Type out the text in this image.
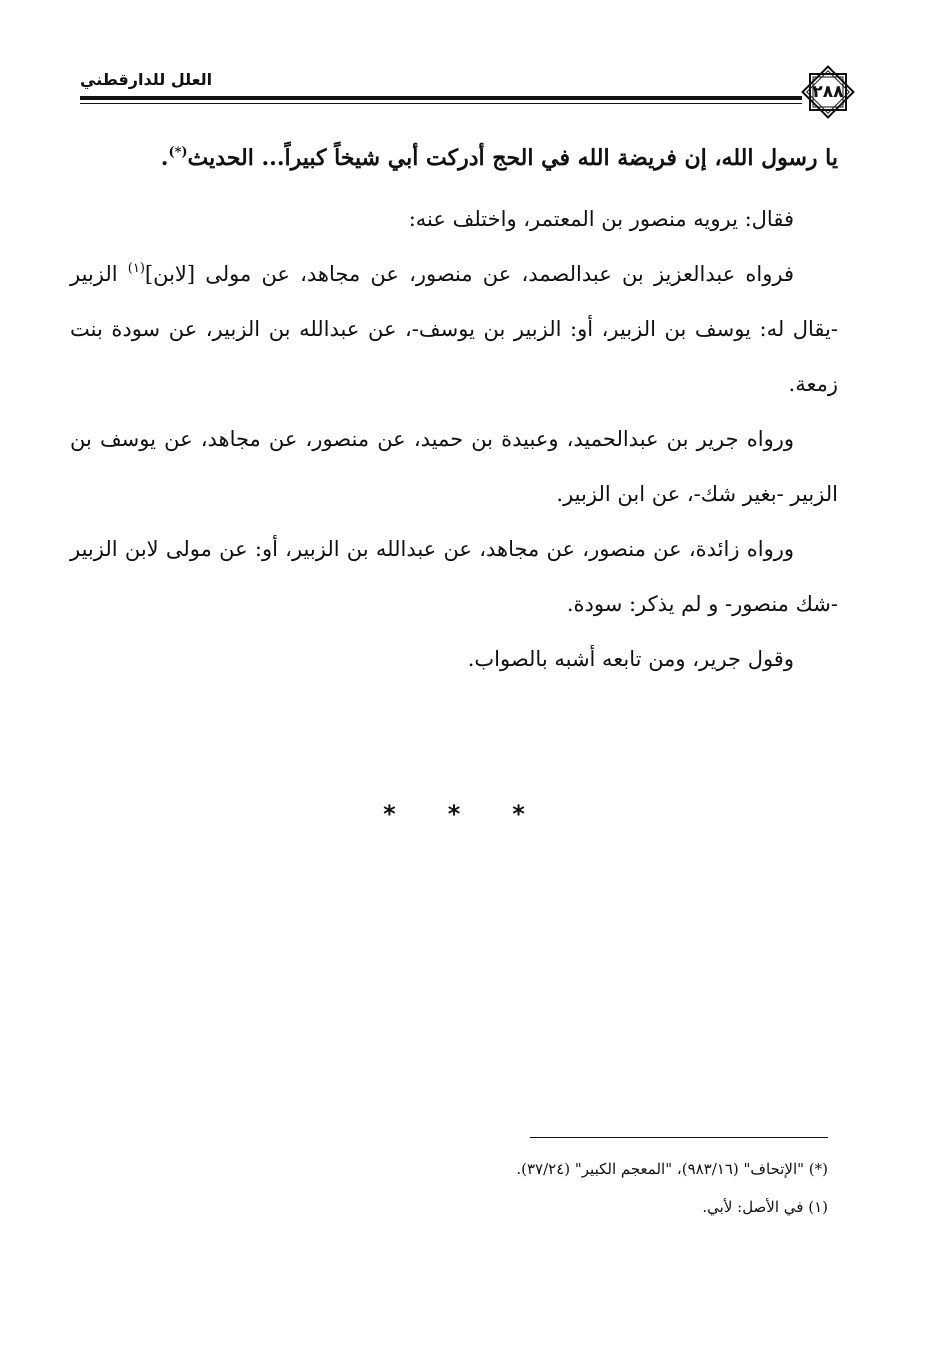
٢٨٨
العلل للدارقطني

يا رسول الله، إن فريضة الله في الحج أدركت أبي شيخاً كبيراً... الحديث(*).

فقال: يرويه منصور بن المعتمر، واختلف عنه:

فرواه عبدالعزيز بن عبدالصمد، عن منصور، عن مجاهد، عن مولى [لابن]$^{(١)}$ الزبير -يقال له: يوسف بن الزبير، أو: الزبير بن يوسف-، عن عبدالله بن الزبير، عن سودة بنت زمعة.

ورواه جرير بن عبدالحميد، وعبيدة بن حميد، عن منصور، عن مجاهد، عن يوسف بن الزبير -بغير شك-، عن ابن الزبير.

ورواه زائدة، عن منصور، عن مجاهد، عن عبدالله بن الزبير، أو: عن مولى لابن الزبير -شك منصور- و لم يذكر: سودة.

وقول جرير، ومن تابعه أشبه بالصواب.

***

(*) "الإتحاف" (٩٨٣/١٦)، "المعجم الكبير" (٣٧/٢٤).

(١) في الأصل: لأبي.
